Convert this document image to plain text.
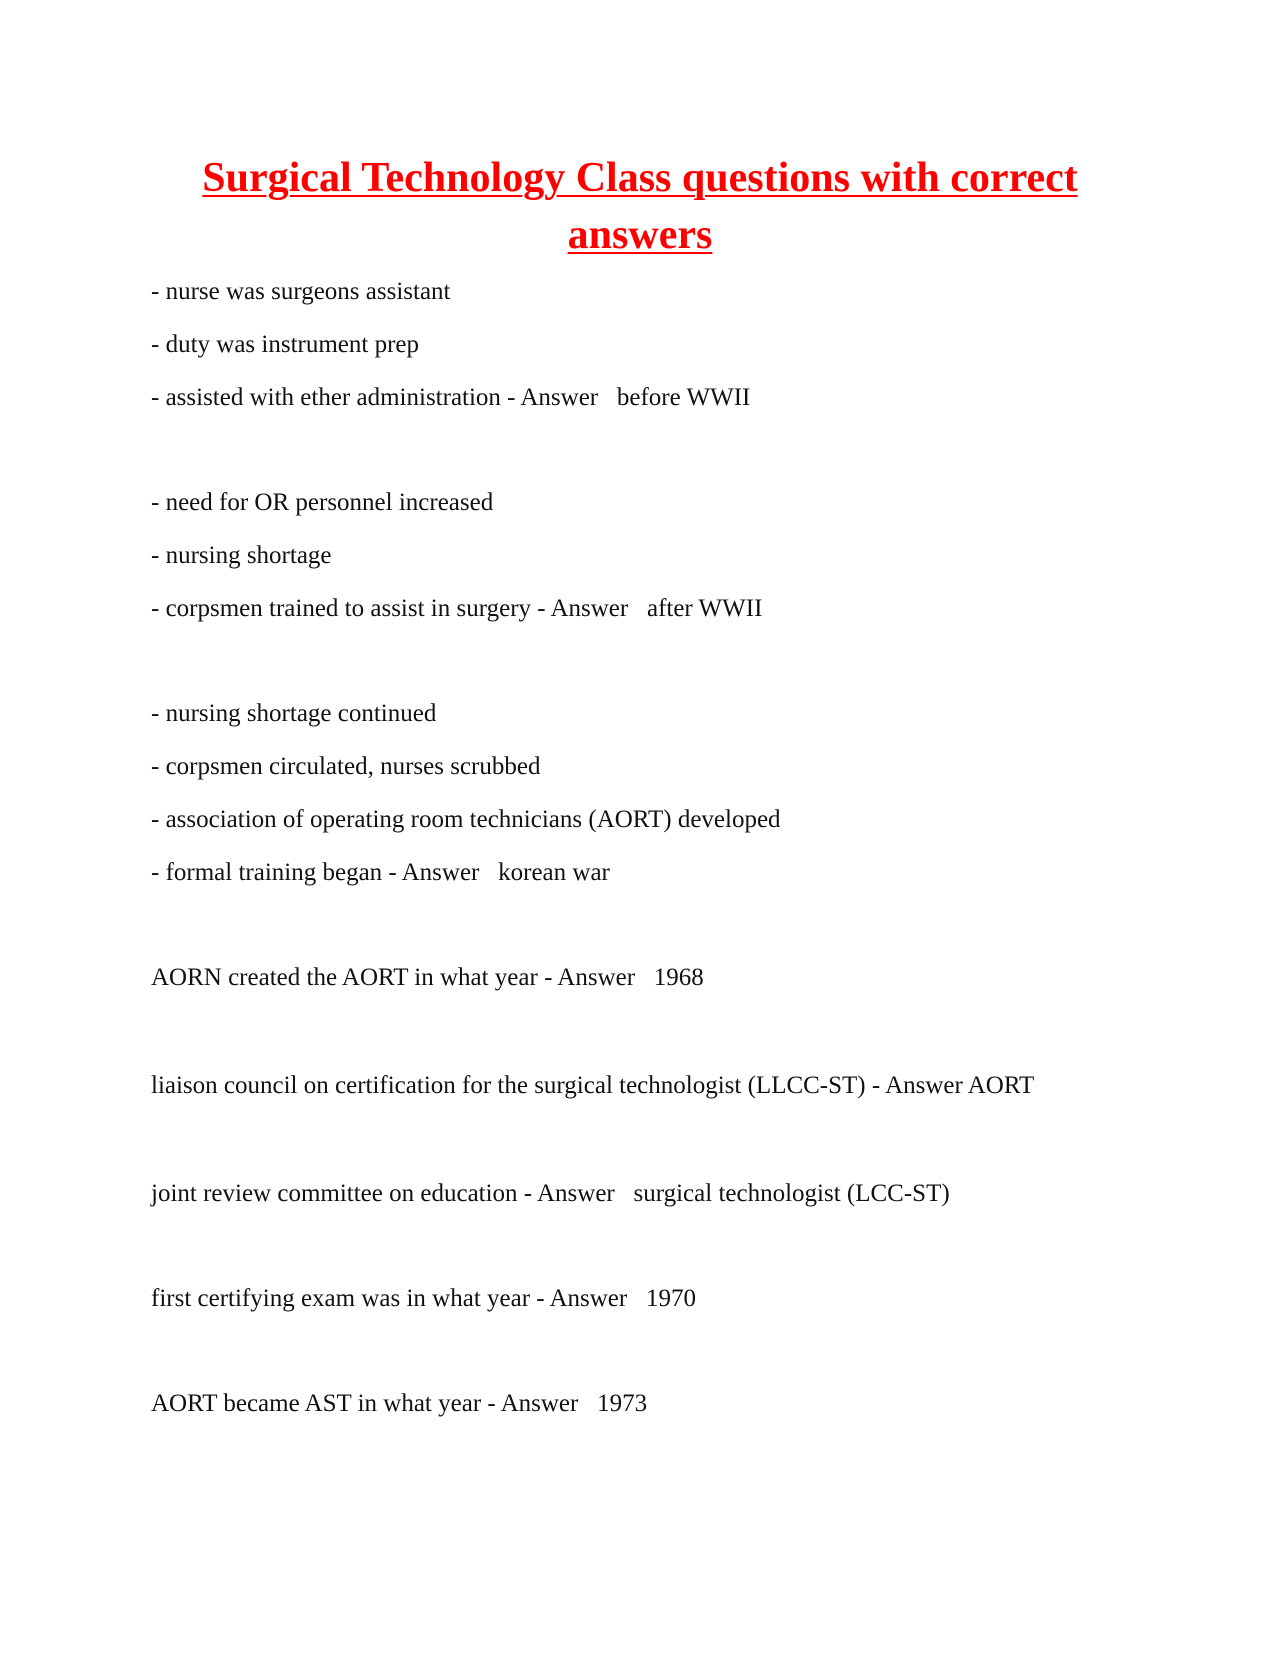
Surgical Technology Class questions with correct answers

- nurse was surgeons assistant

- duty was instrument prep

- assisted with ether administration - Answer   before WWII

- need for OR personnel increased

- nursing shortage

- corpsmen trained to assist in surgery - Answer   after WWII

- nursing shortage continued

- corpsmen circulated, nurses scrubbed

- association of operating room technicians (AORT) developed

- formal training began - Answer   korean war

AORN created the AORT in what year - Answer   1968

liaison council on certification for the surgical technologist (LLCC-ST) - Answer AORT

joint review committee on education - Answer   surgical technologist (LCC-ST)

first certifying exam was in what year - Answer   1970

AORT became AST in what year - Answer   1973
